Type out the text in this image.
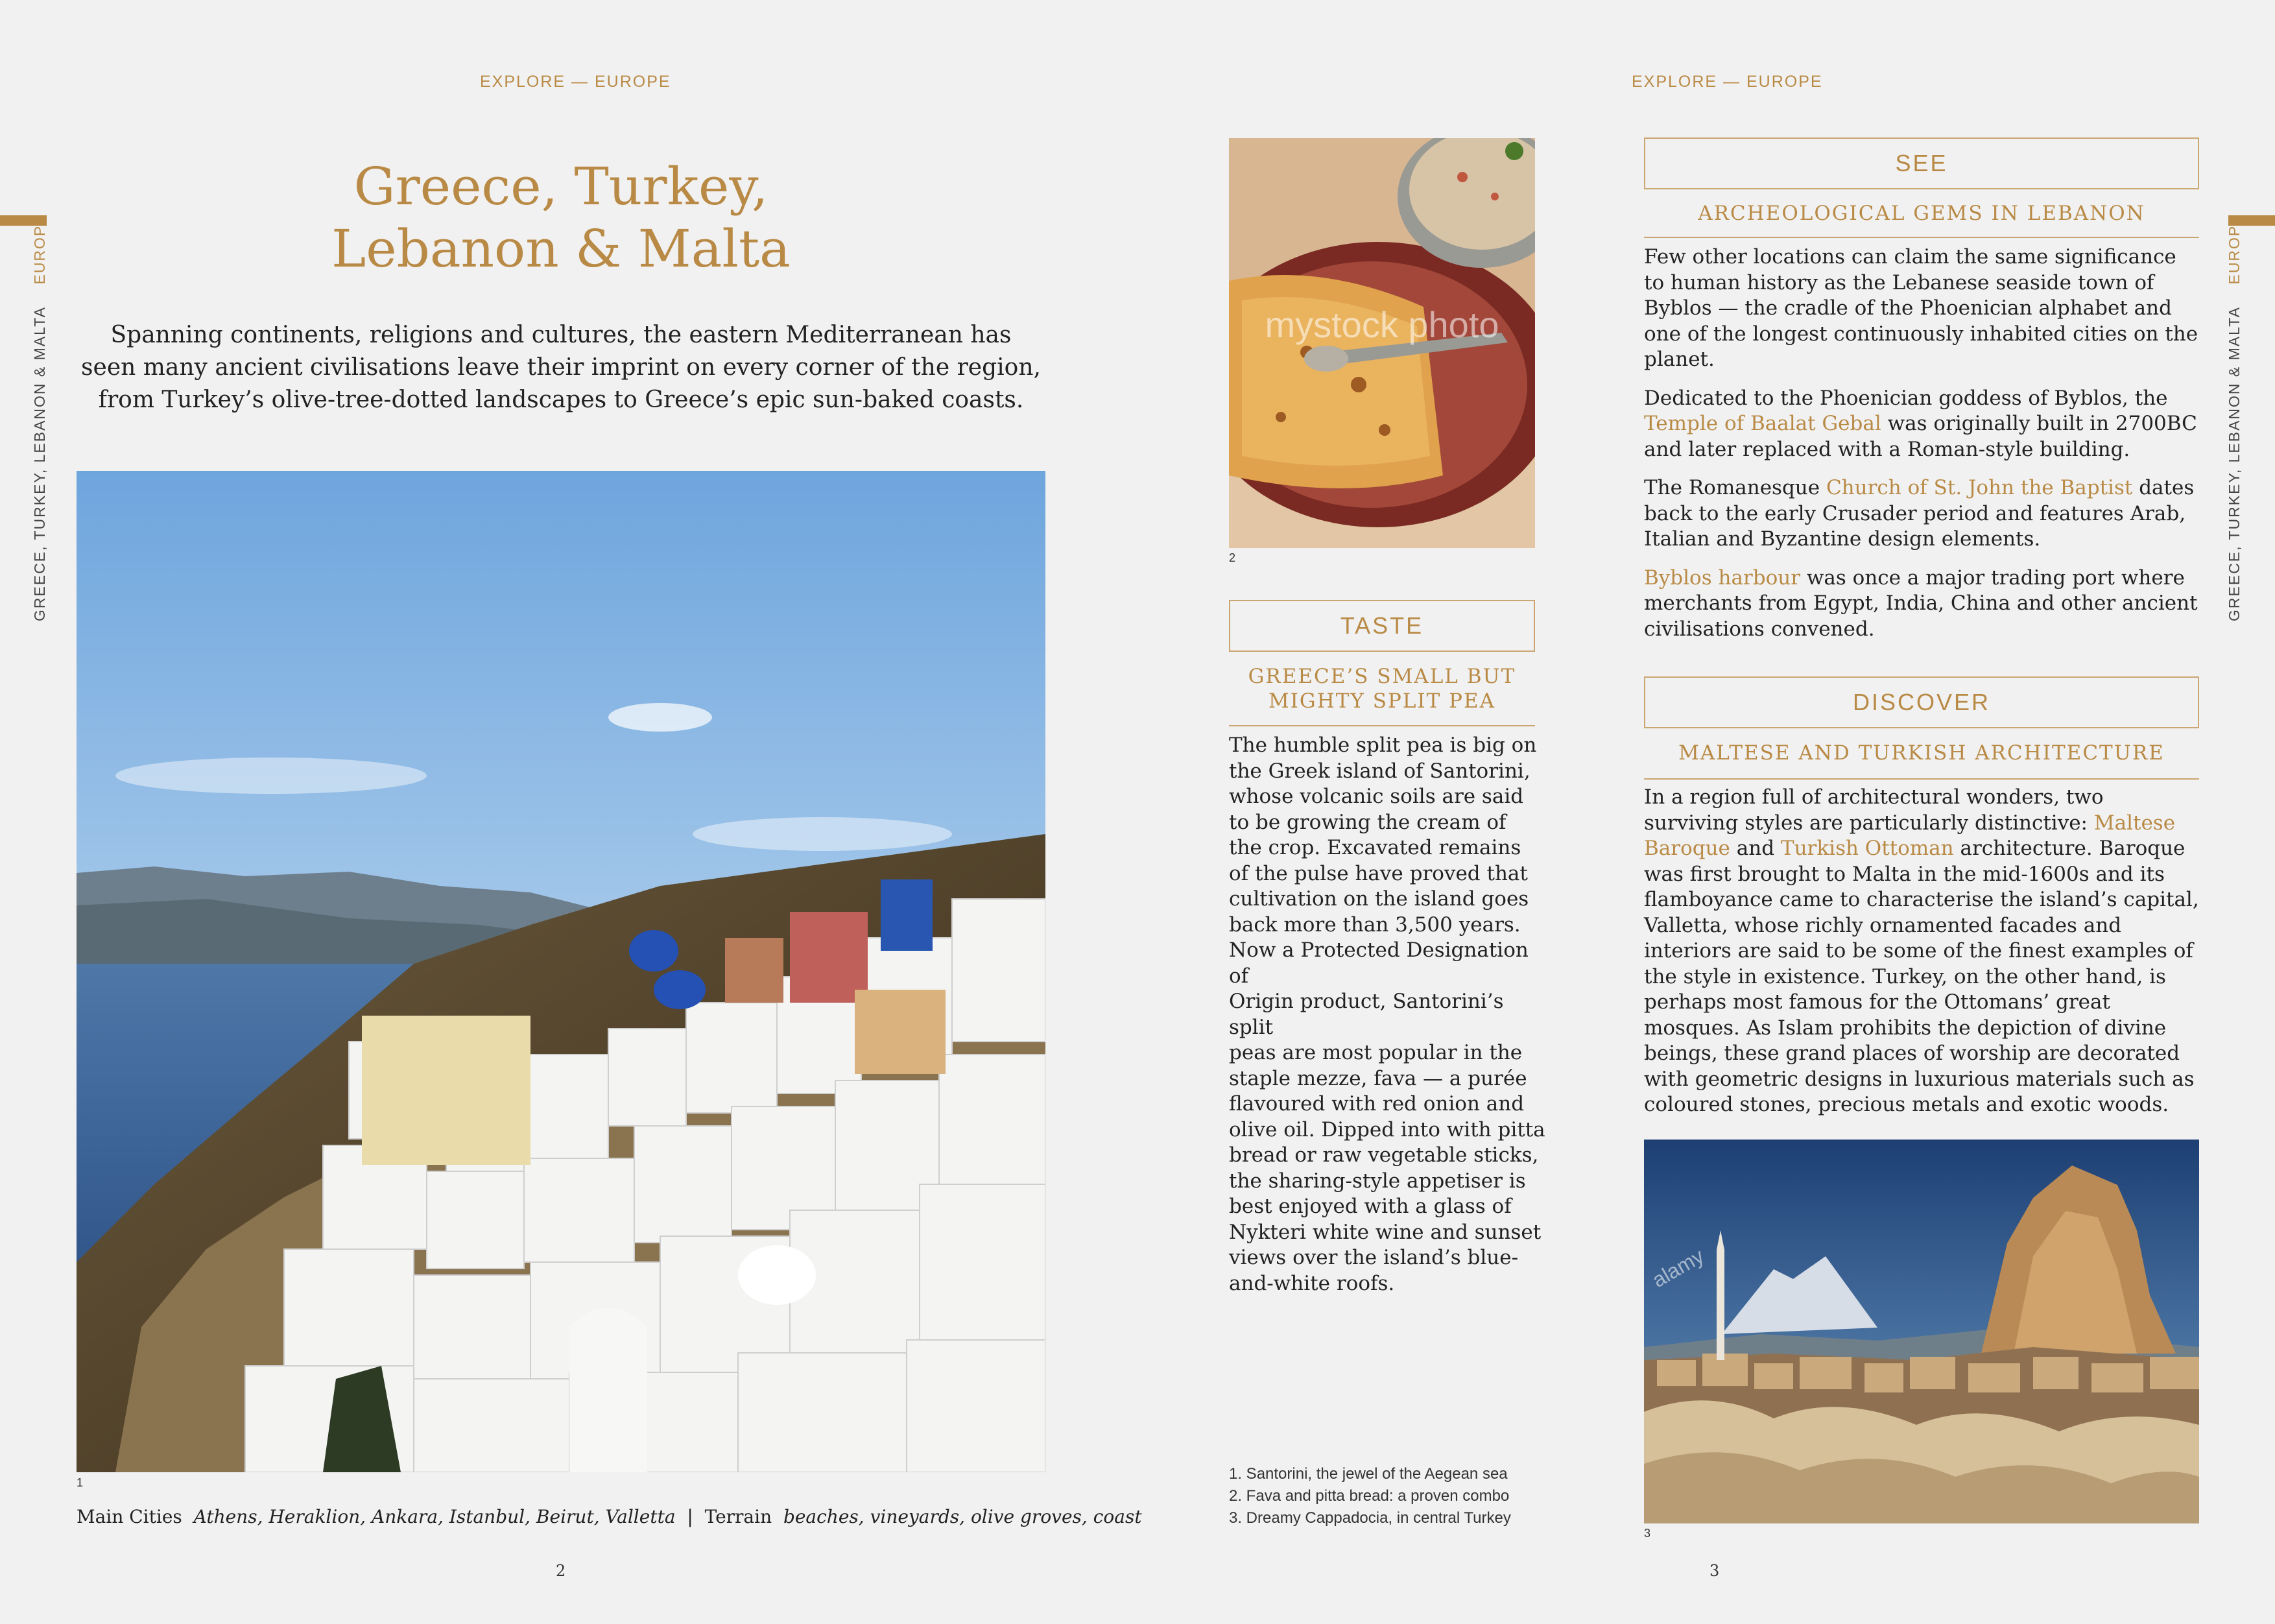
EXPLORE — EUROPE	EXPLORE — EUROPE
GREECE, TURKEY, LEBANON & MALTA    EUROPE
GREECE, TURKEY, LEBANON & MALTA    EUROPE
Greece, Turkey,
Lebanon & Malta
Spanning continents, religions and cultures, the eastern Mediterranean has
seen many ancient civilisations leave their imprint on every corner of the region,
from Turkey’s olive-tree-dotted landscapes to Greece’s epic sun-baked coasts.
1
Main Cities Athens, Heraklion, Ankara, Istanbul, Beirut, Valletta | Terrain beaches, vineyards, olive groves, coast
2
mystock photo
2
TASTE
GREECE’S SMALL BUT
MIGHTY SPLIT PEA
The humble split pea is big on
the Greek island of Santorini,
whose volcanic soils are said
to be growing the cream of
the crop. Excavated remains
of the pulse have proved that
cultivation on the island goes
back more than 3,500 years.
Now a Protected Designation of
Origin product, Santorini’s split
peas are most popular in the
staple mezze, fava — a purée
flavoured with red onion and
olive oil. Dipped into with pitta
bread or raw vegetable sticks,
the sharing-style appetiser is
best enjoyed with a glass of
Nykteri white wine and sunset
views over the island’s blue-
and-white roofs.
1. Santorini, the jewel of the Aegean sea
2. Fava and pitta bread: a proven combo
3. Dreamy Cappadocia, in central Turkey
SEE
ARCHEOLOGICAL GEMS IN LEBANON

Few other locations can claim the same significance to human history as the Lebanese seaside town of Byblos — the cradle of the Phoenician alphabet and one of the longest continuously inhabited cities on the planet.

Dedicated to the Phoenician goddess of Byblos, the Temple of Baalat Gebal was originally built in 2700BC and later replaced with a Roman-style building.

The Romanesque Church of St. John the Baptist dates back to the early Crusader period and features Arab, Italian and Byzantine design elements.

Byblos harbour was once a major trading port where merchants from Egypt, India, China and other ancient civilisations convened.

DISCOVER
MALTESE AND TURKISH ARCHITECTURE

In a region full of architectural wonders, two surviving styles are particularly distinctive: Maltese Baroque and Turkish Ottoman architecture. Baroque was first brought to Malta in the mid-1600s and its flamboyance came to characterise the island’s capital, Valletta, whose richly ornamented facades and interiors are said to be some of the finest examples of the style in existence. Turkey, on the other hand, is perhaps most famous for the Ottomans’ great mosques. As Islam prohibits the depiction of divine beings, these grand places of worship are decorated with geometric designs in luxurious materials such as coloured stones, precious metals and exotic woods.

alamy
3
3
